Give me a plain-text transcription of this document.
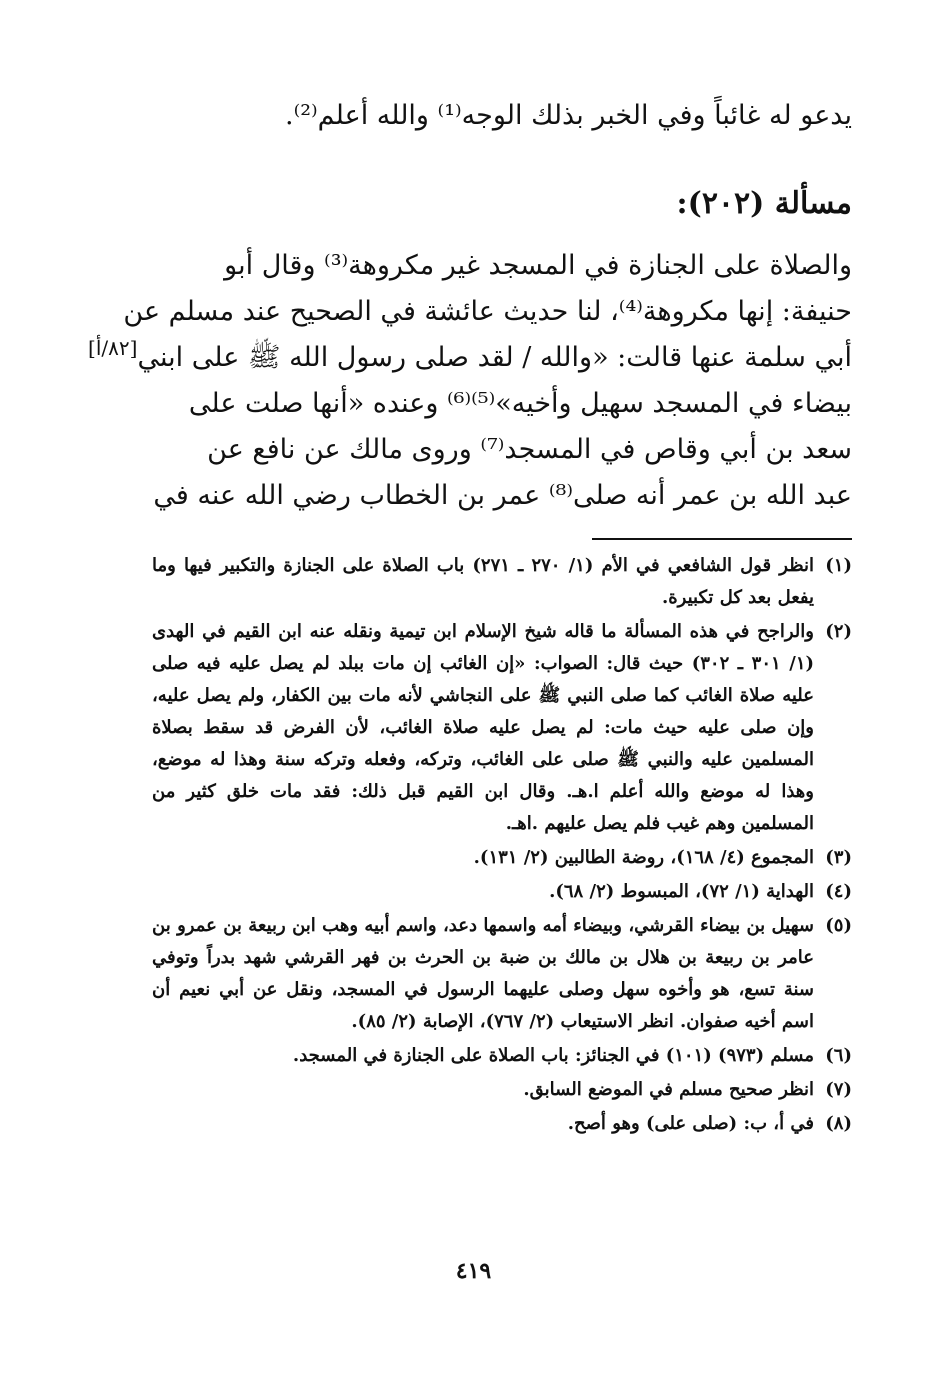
يدعو له غائباً وفي الخبر بذلك الوجه⁽¹⁾ والله أعلم⁽²⁾.
مسألة (٢٠٢):
والصلاة على الجنازة في المسجد غير مكروهة⁽³⁾ وقال أبو
حنيفة: إنها مكروهة⁽⁴⁾، لنا حديث عائشة في الصحيح عند مسلم عن
أبي سلمة عنها قالت: «والله / لقد صلى رسول الله ﷺ على ابني
بيضاء في المسجد سهيل وأخيه»⁽⁵⁾⁽⁶⁾ وعنده «أنها صلت على
سعد بن أبي وقاص في المسجد⁽⁷⁾ وروى مالك عن نافع عن
عبد الله بن عمر أنه صلى⁽⁸⁾ عمر بن الخطاب رضي الله عنه في
[٨٢/أ]
(١)
انظر قول الشافعي في الأم (١/ ٢٧٠ ـ ٢٧١) باب الصلاة على الجنازة والتكبير فيها وما يفعل بعد كل تكبيرة.
(٢)
والراجح في هذه المسألة ما قاله شيخ الإسلام ابن تيمية ونقله عنه ابن القيم في الهدى (١/ ٣٠١ ـ ٣٠٢) حيث قال: الصواب: «إن الغائب إن مات ببلد لم يصل عليه فيه صلى عليه صلاة الغائب كما صلى النبي ﷺ على النجاشي لأنه مات بين الكفار، ولم يصل عليه، وإن صلى عليه حيث مات: لم يصل عليه صلاة الغائب، لأن الفرض قد سقط بصلاة المسلمين عليه والنبي ﷺ صلى على الغائب، وتركه، وفعله وتركه سنة وهذا له موضع، وهذا له موضع والله أعلم ا.هـ. وقال ابن القيم قبل ذلك: فقد مات خلق كثير من المسلمين وهم غيب فلم يصل عليهم .اهـ.
(٣)
المجموع (٤/ ١٦٨)، روضة الطالبين (٢/ ١٣١).
(٤)
الهداية (١/ ٧٢)، المبسوط (٢/ ٦٨).
(٥)
سهيل بن بيضاء القرشي، وبيضاء أمه واسمها دعد، واسم أبيه وهب ابن ربيعة بن عمرو بن عامر بن ربيعة بن هلال بن مالك بن ضبة بن الحرث بن فهر القرشي شهد بدراً وتوفي سنة تسع، هو وأخوه سهل وصلى عليهما الرسول في المسجد، ونقل عن أبي نعيم أن اسم أخيه صفوان. انظر الاستيعاب (٢/ ٧٦٧)، الإصابة (٢/ ٨٥).
(٦)
مسلم (٩٧٣) (١٠١) في الجنائز: باب الصلاة على الجنازة في المسجد.
(٧)
انظر صحيح مسلم في الموضع السابق.
(٨)
في أ، ب: (صلى على) وهو أصح.
٤١٩
